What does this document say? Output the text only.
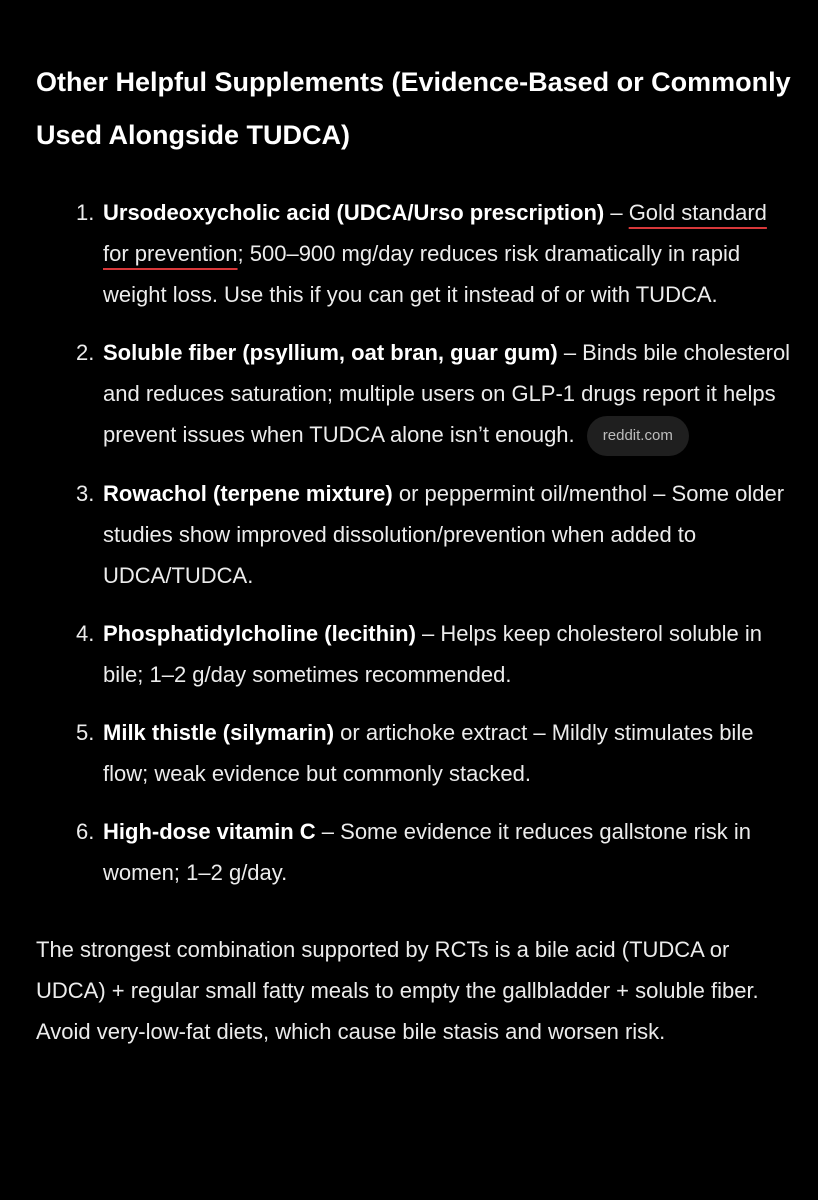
Other Helpful Supplements (Evidence-Based or Commonly Used Alongside TUDCA)
1. Ursodeoxycholic acid (UDCA/Urso prescription) – Gold standard for prevention; 500–900 mg/day reduces risk dramatically in rapid weight loss. Use this if you can get it instead of or with TUDCA.
2. Soluble fiber (psyllium, oat bran, guar gum) – Binds bile cholesterol and reduces saturation; multiple users on GLP-1 drugs report it helps prevent issues when TUDCA alone isn’t enough. reddit.com
3. Rowachol (terpene mixture) or peppermint oil/menthol – Some older studies show improved dissolution/prevention when added to UDCA/TUDCA.
4. Phosphatidylcholine (lecithin) – Helps keep cholesterol soluble in bile; 1–2 g/day sometimes recommended.
5. Milk thistle (silymarin) or artichoke extract – Mildly stimulates bile flow; weak evidence but commonly stacked.
6. High-dose vitamin C – Some evidence it reduces gallstone risk in women; 1–2 g/day.

The strongest combination supported by RCTs is a bile acid (TUDCA or UDCA) + regular small fatty meals to empty the gallbladder + soluble fiber. Avoid very-low-fat diets, which cause bile stasis and worsen risk.
